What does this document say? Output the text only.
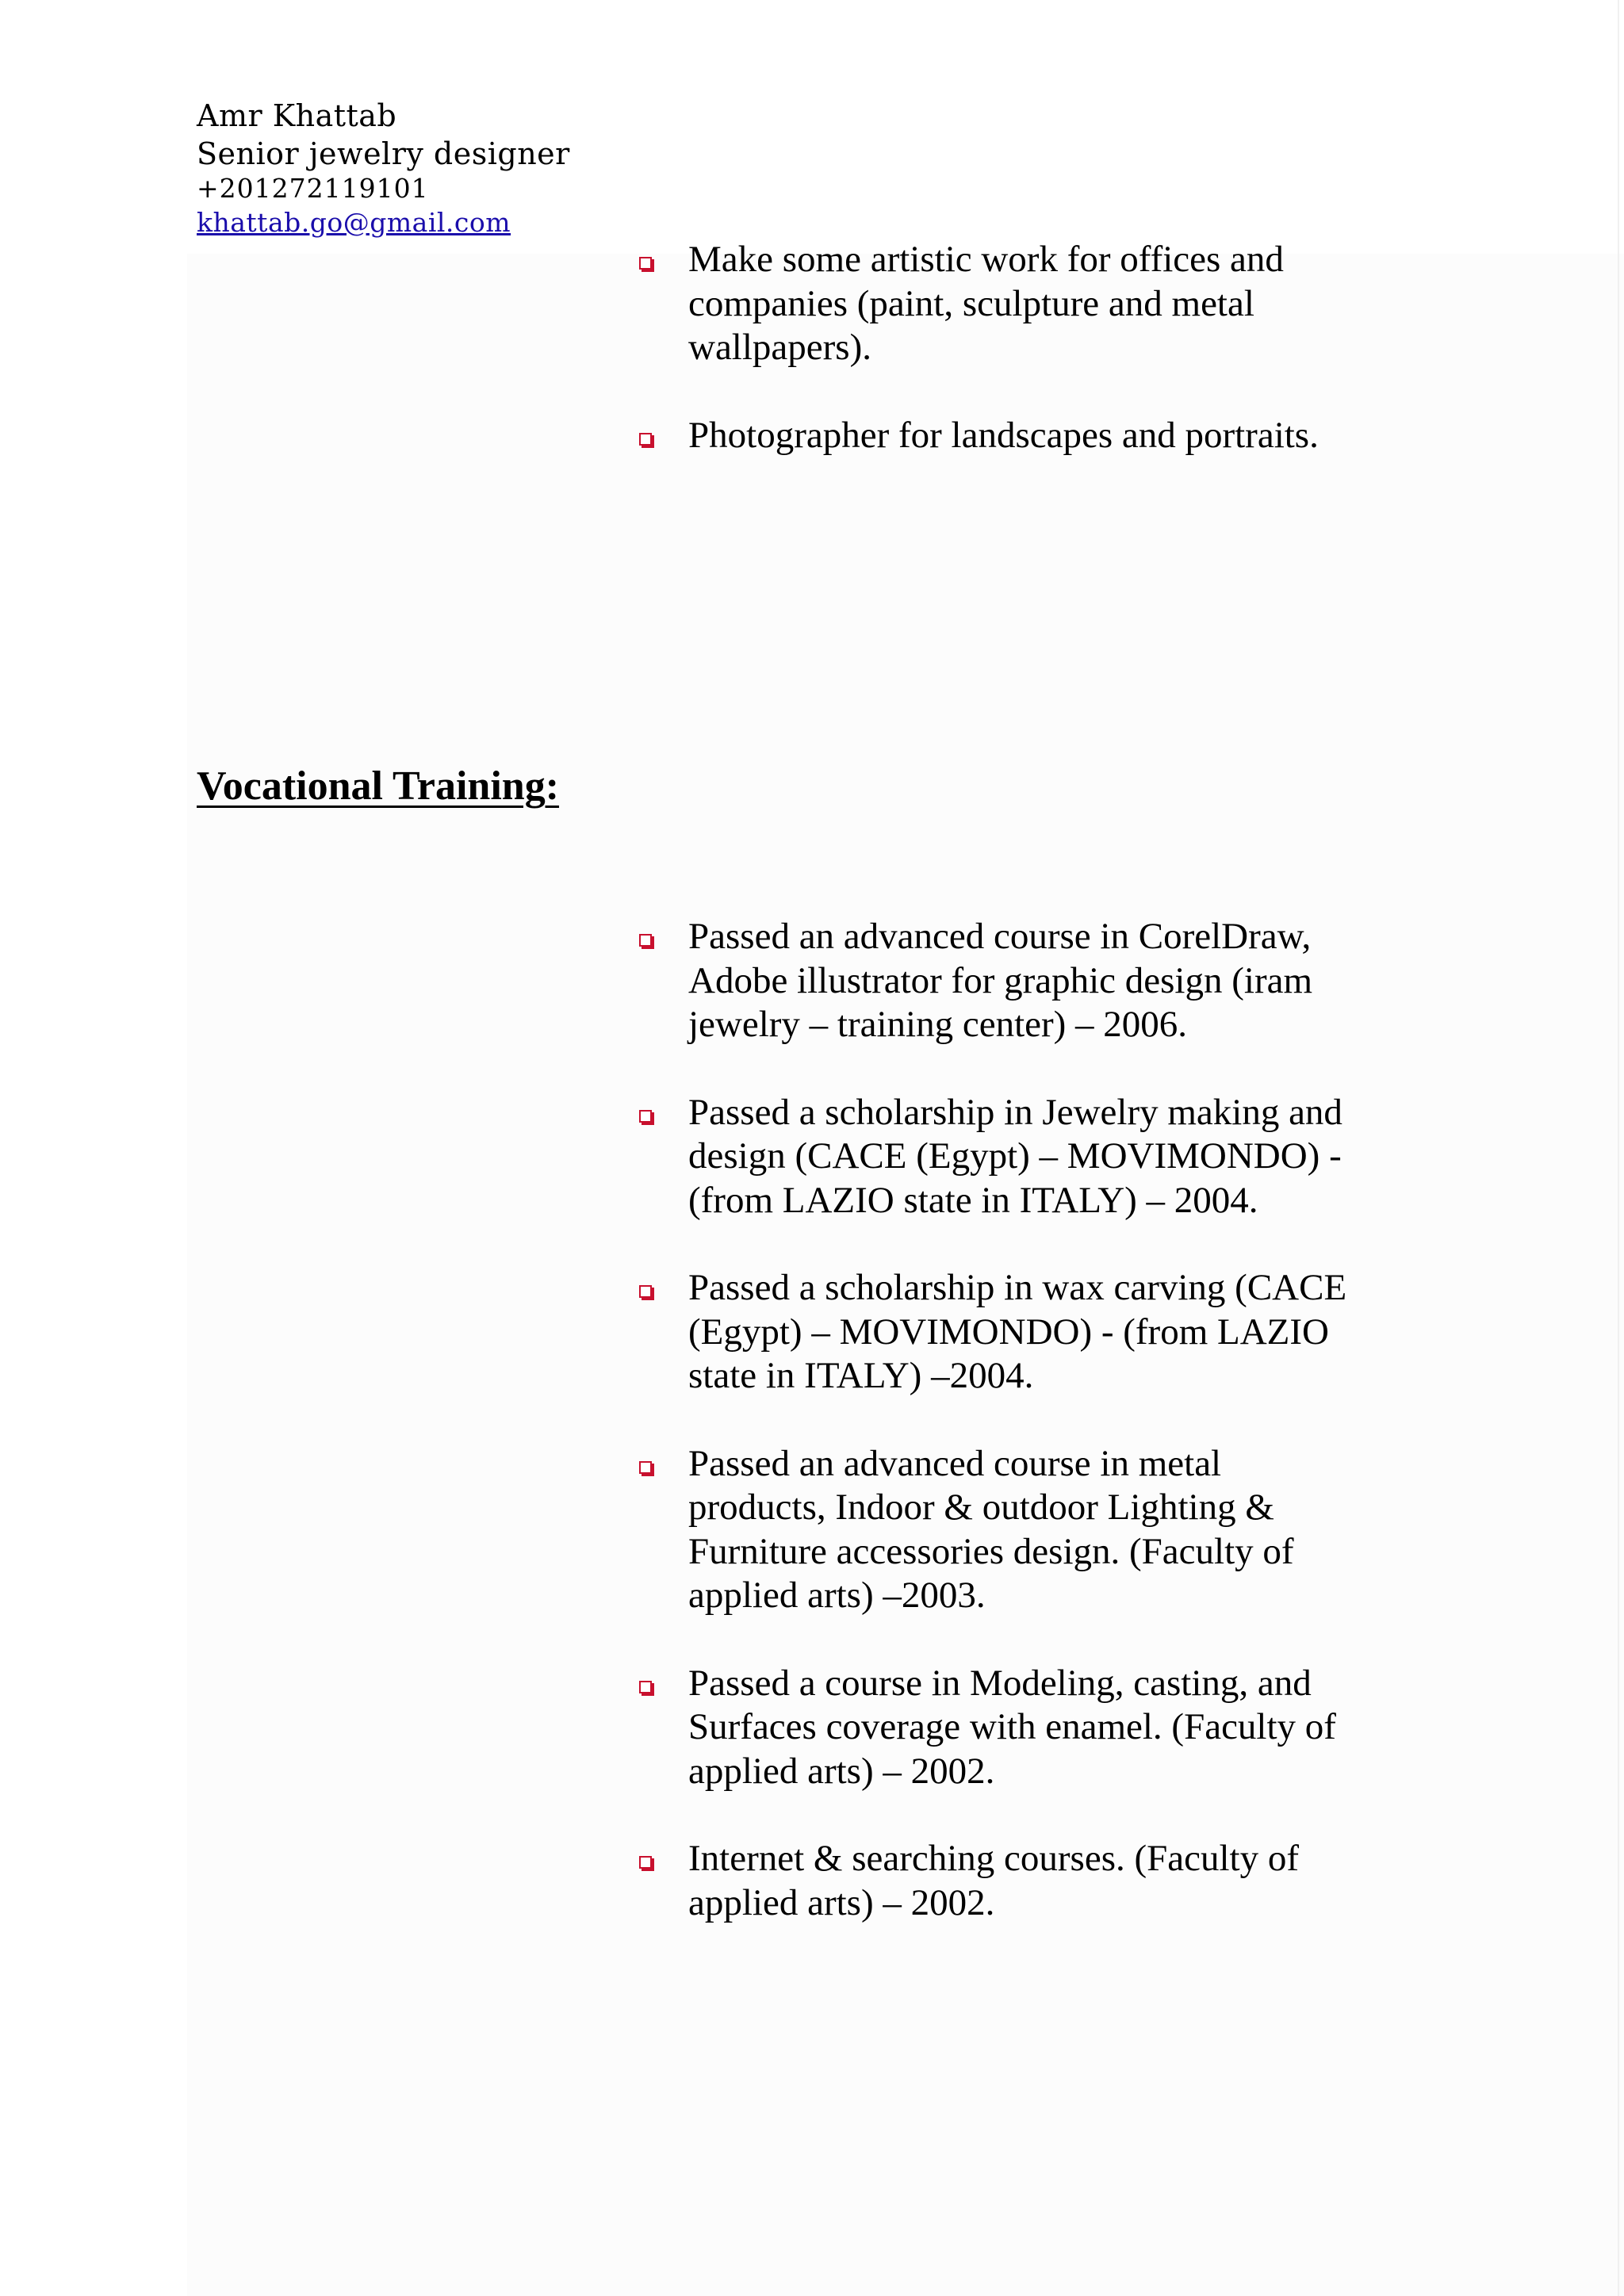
Amr Khattab
Senior jewelry designer
+201272119101
khattab.go@gmail.com
Make some artistic work for offices and
companies (paint, sculpture and metal
wallpapers).
Photographer for landscapes and portraits.
Vocational Training:
Passed an advanced course in CorelDraw,
Adobe illustrator for graphic design (iram
jewelry – training center) – 2006.
Passed a scholarship in Jewelry making and
design (CACE (Egypt) – MOVIMONDO) -
(from LAZIO state in ITALY) – 2004.
Passed a scholarship in wax carving (CACE
(Egypt) – MOVIMONDO) - (from LAZIO
state in ITALY) –2004.
Passed an advanced course in metal
products, Indoor & outdoor Lighting &
Furniture accessories design. (Faculty of
applied arts) –2003.
Passed a course in Modeling, casting, and
Surfaces coverage with enamel. (Faculty of
applied arts) – 2002.
Internet & searching courses. (Faculty of
applied arts) – 2002.
